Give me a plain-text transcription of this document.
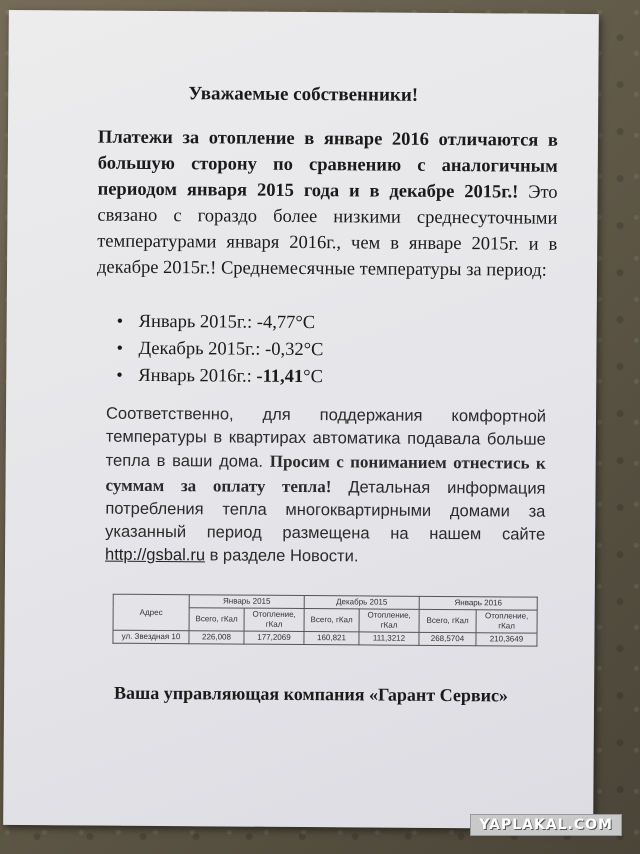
Уважаемые собственники!
Платежи за отопление в январе 2016 отличаются в большую сторону по сравнению с аналогичным периодом января 2015 года и в декабре 2015г.! Это связано с гораздо более низкими среднесуточными температурами января 2016г., чем в январе 2015г. и в декабре 2015г.! Среднемесячные температуры за период:
• Январь 2015г.: -4,77°С
• Декабрь 2015г.: -0,32°С
• Январь 2016г.: -11,41°С
Соответственно, для поддержания комфортной температуры в квартирах автоматика подавала больше тепла в ваши дома. Просим с пониманием отнестись к суммам за оплату тепла! Детальная информация потребления тепла многоквартирными домами за указанный период размещена на нашем сайте http://gsbal.ru в разделе Новости.
Адрес	Январь 2015		Декабрь 2015		Январь 2016	
	Всего, гКал	Отопление, гКал	Всего, гКал	Отопление, гКал	Всего, гКал	Отопление, гКал
ул. Звездная 10	226,008	177,2069	160,821	111,3212	268,5704	210,3649
Ваша управляющая компания «Гарант Сервис»
YAPLAKAL.COM
